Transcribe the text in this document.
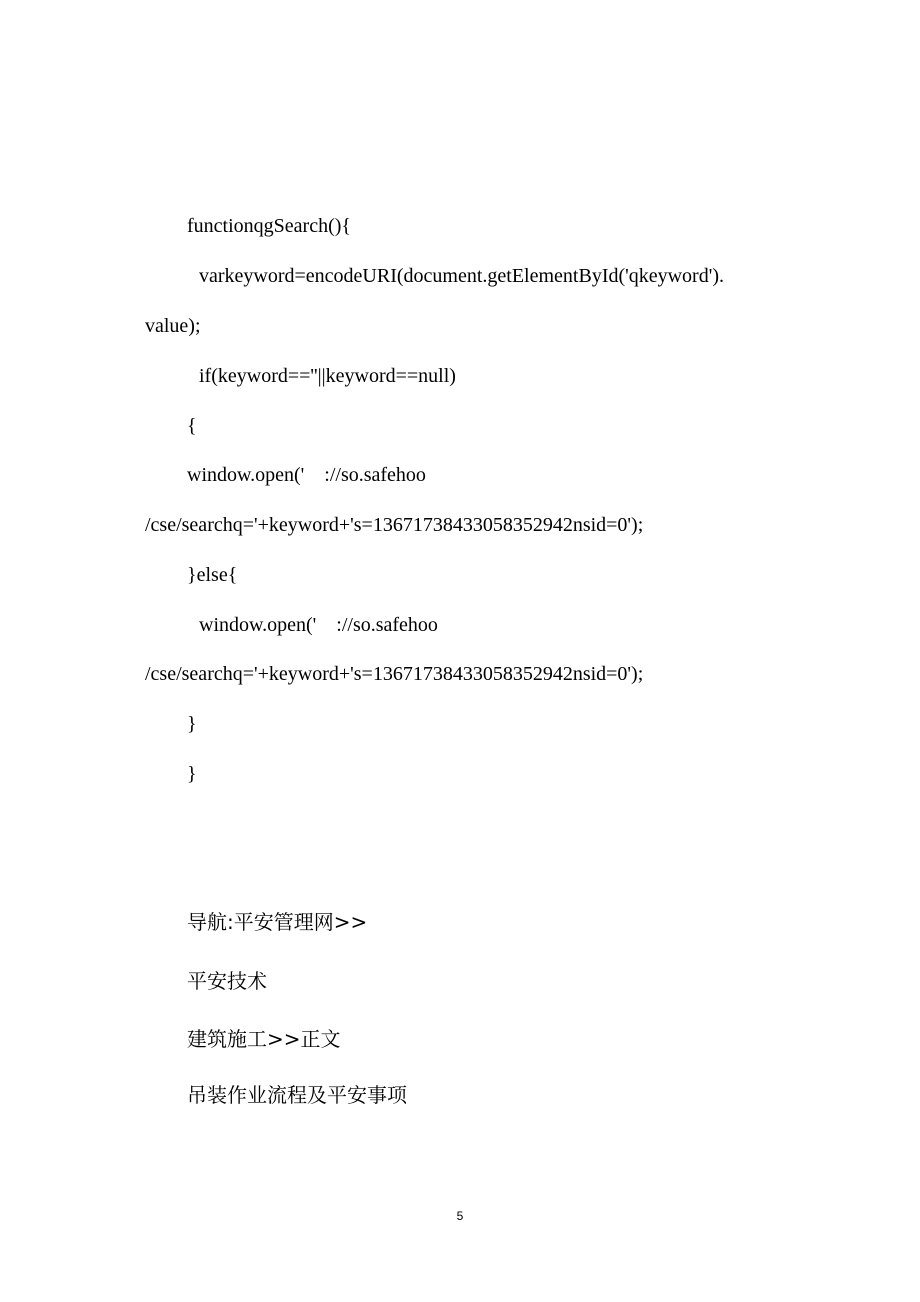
functionqgSearch(){
varkeyword=encodeURI(document.getElementById('qkeyword').
value);
if(keyword==''||keyword==null)
{
window.open('    ://so.safehoo
/cse/searchq='+keyword+'s=13671738433058352942nsid=0');
}else{
window.open('    ://so.safehoo
/cse/searchq='+keyword+'s=13671738433058352942nsid=0');
}
}
导航:平安管理网>>
平安技术
建筑施工>>正文
吊装作业流程及平安事项
5
